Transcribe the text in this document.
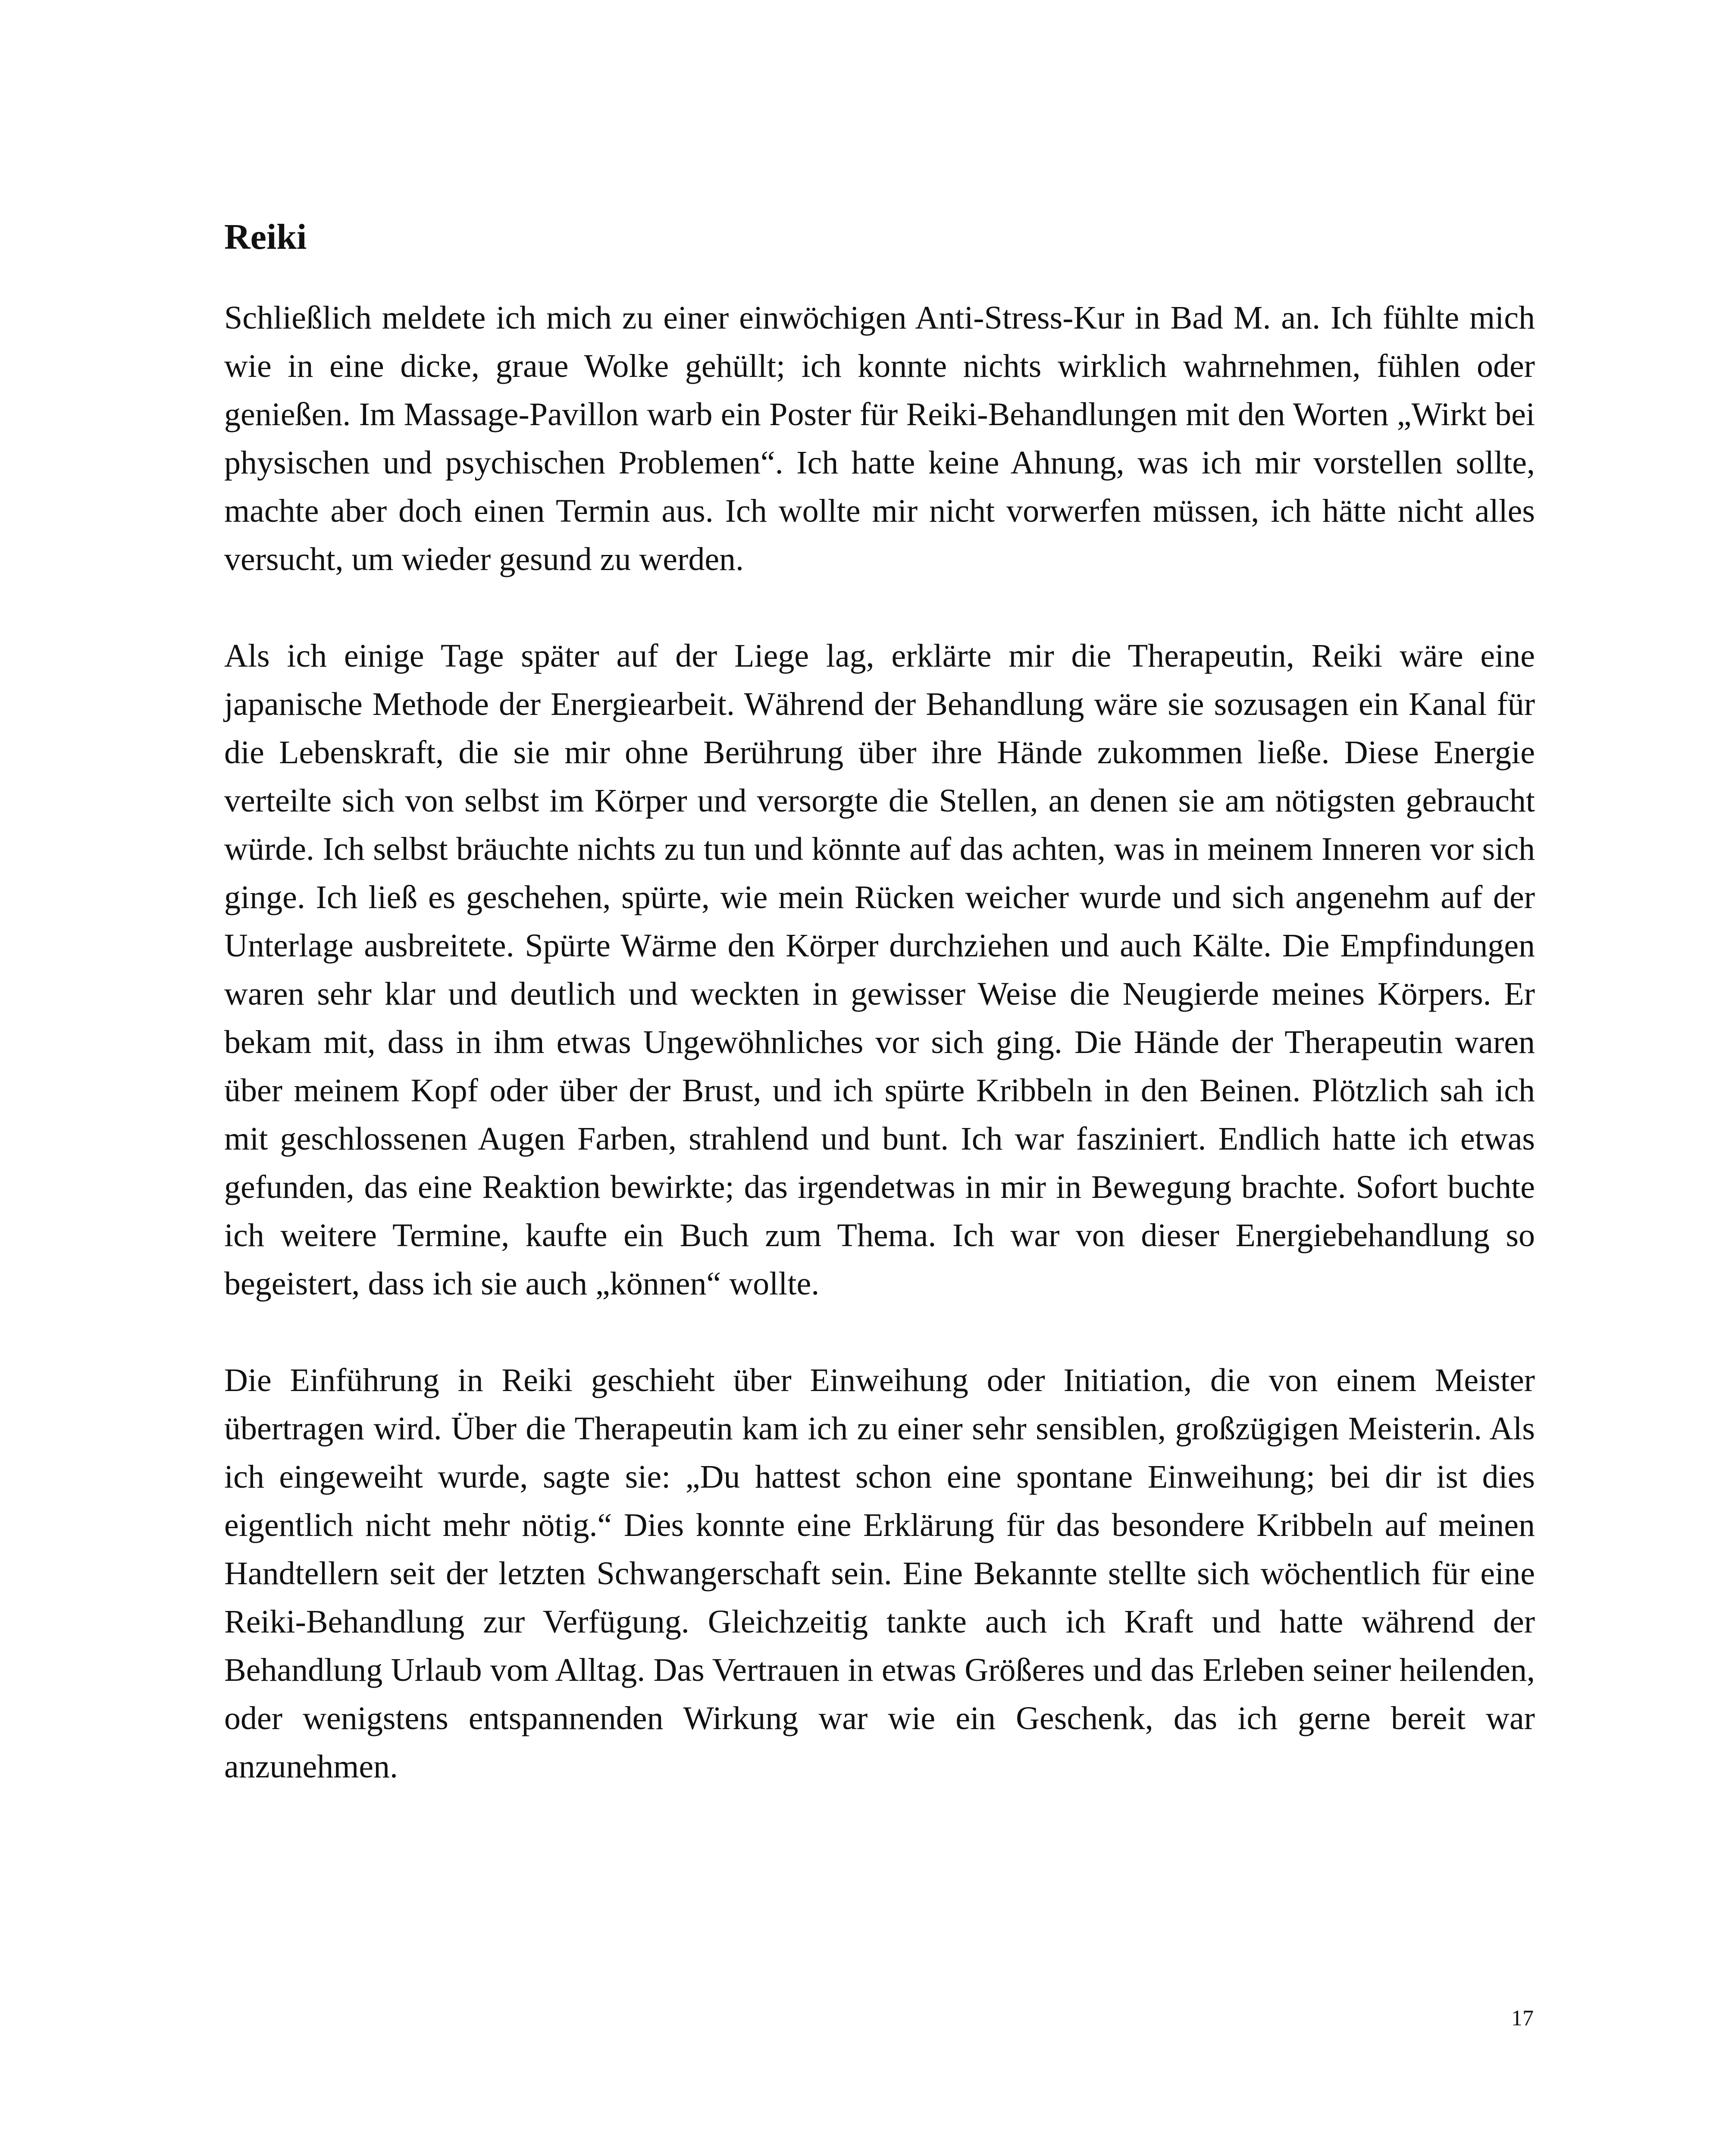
Reiki

Schließlich meldete ich mich zu einer einwöchigen Anti-Stress-Kur in Bad M. an. Ich fühlte mich wie in eine dicke, graue Wolke gehüllt; ich konnte nichts wirklich wahrnehmen, fühlen oder genießen. Im Massage-Pavillon warb ein Poster für Reiki-Behandlungen mit den Worten „Wirkt bei physischen und psychischen Problemen“. Ich hatte keine Ahnung, was ich mir vorstellen sollte, machte aber doch einen Termin aus. Ich wollte mir nicht vorwerfen müssen, ich hätte nicht alles versucht, um wieder gesund zu werden.

Als ich einige Tage später auf der Liege lag, erklärte mir die Therapeutin, Reiki wäre eine japanische Methode der Energiearbeit. Während der Behandlung wäre sie sozusagen ein Kanal für die Lebenskraft, die sie mir ohne Berührung über ihre Hände zukommen ließe. Diese Energie verteilte sich von selbst im Körper und versorgte die Stellen, an denen sie am nötigsten gebraucht würde. Ich selbst bräuchte nichts zu tun und könnte auf das achten, was in meinem Inneren vor sich ginge. Ich ließ es geschehen, spürte, wie mein Rücken weicher wurde und sich angenehm auf der Unterlage ausbreitete. Spürte Wärme den Körper durchziehen und auch Kälte. Die Empfindungen waren sehr klar und deutlich und weckten in gewisser Weise die Neugierde meines Körpers. Er bekam mit, dass in ihm etwas Ungewöhnliches vor sich ging. Die Hände der Therapeutin waren über meinem Kopf oder über der Brust, und ich spürte Kribbeln in den Beinen. Plötzlich sah ich mit geschlossenen Augen Farben, strahlend und bunt. Ich war fasziniert. Endlich hatte ich etwas gefunden, das eine Reaktion bewirkte; das irgendetwas in mir in Bewegung brachte. Sofort buchte ich weitere Termine, kaufte ein Buch zum Thema. Ich war von dieser Energiebehandlung so begeistert, dass ich sie auch „können“ wollte.

Die Einführung in Reiki geschieht über Einweihung oder Initiation, die von einem Meister übertragen wird. Über die Therapeutin kam ich zu einer sehr sensiblen, großzügigen Meisterin. Als ich eingeweiht wurde, sagte sie: „Du hattest schon eine spontane Einweihung; bei dir ist dies eigentlich nicht mehr nötig.“ Dies konnte eine Erklärung für das besondere Kribbeln auf meinen Handtellern seit der letzten Schwangerschaft sein. Eine Bekannte stellte sich wöchentlich für eine Reiki-Behandlung zur Verfügung. Gleichzeitig tankte auch ich Kraft und hatte während der Behandlung Urlaub vom Alltag. Das Vertrauen in etwas Größeres und das Erleben seiner heilenden, oder wenigstens entspannenden Wirkung war wie ein Geschenk, das ich gerne bereit war anzunehmen.

17
